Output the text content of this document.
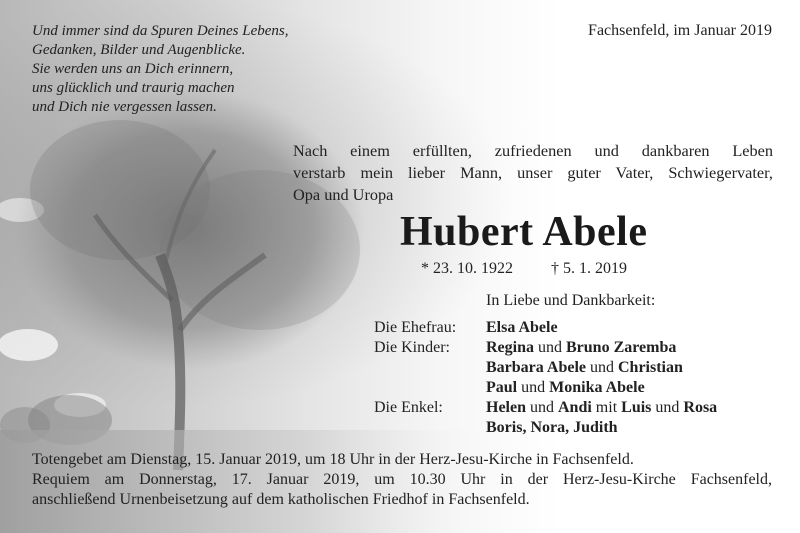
Und immer sind da Spuren Deines Lebens,
Gedanken, Bilder und Augenblicke.
Sie werden uns an Dich erinnern,
uns glücklich und traurig machen
und Dich nie vergessen lassen.
Fachsenfeld, im Januar 2019
Nach einem erfüllten, zufriedenen und dankbaren Leben
verstarb mein lieber Mann, unser guter Vater, Schwiegervater,
Opa und Uropa
Hubert Abele
* 23. 10. 1922 † 5. 1. 2019
In Liebe und Dankbarkeit:
Die Ehefrau: Elsa Abele
Die Kinder: Regina und Bruno Zaremba
Barbara Abele und Christian
Paul und Monika Abele
Die Enkel:	Helen und Andi mit Luis und Rosa
Boris, Nora, Judith
Totengebet am Dienstag, 15. Januar 2019, um 18 Uhr in der Herz-Jesu-Kirche in Fachsenfeld.
Requiem am Donnerstag, 17. Januar 2019, um 10.30 Uhr in der Herz-Jesu-Kirche Fachsenfeld,
anschließend Urnenbeisetzung auf dem katholischen Friedhof in Fachsenfeld.
